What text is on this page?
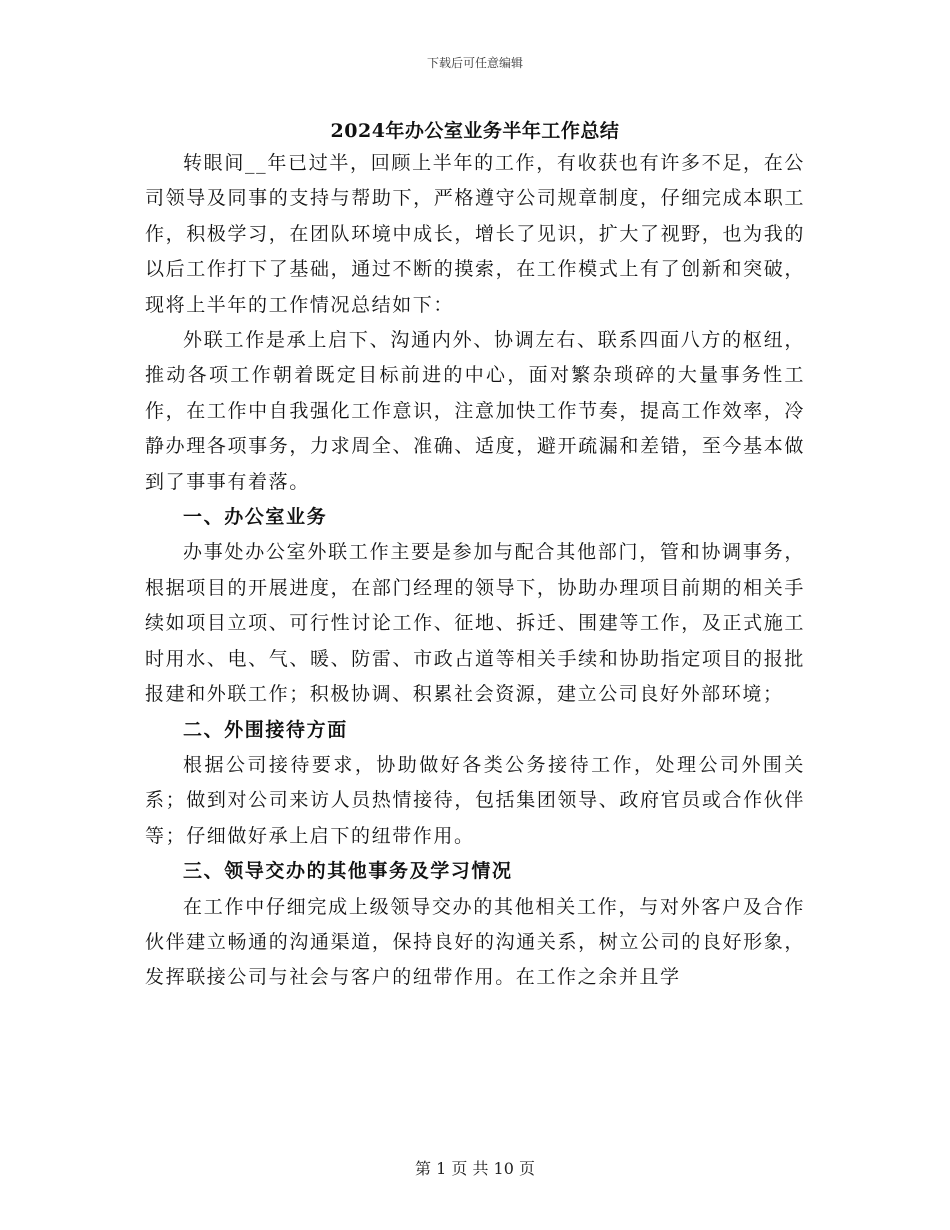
下载后可任意编辑
2024年办公室业务半年工作总结

转眼间__年已过半，回顾上半年的工作，有收获也有许多不足，在公司领导及同事的支持与帮助下，严格遵守公司规章制度，仔细完成本职工作，积极学习，在团队环境中成长，增长了见识，扩大了视野，也为我的以后工作打下了基础，通过不断的摸索，在工作模式上有了创新和突破，现将上半年的工作情况总结如下：

外联工作是承上启下、沟通内外、协调左右、联系四面八方的枢纽，推动各项工作朝着既定目标前进的中心，面对繁杂琐碎的大量事务性工作，在工作中自我强化工作意识，注意加快工作节奏，提高工作效率，冷静办理各项事务，力求周全、准确、适度，避开疏漏和差错，至今基本做到了事事有着落。

一、办公室业务

办事处办公室外联工作主要是参加与配合其他部门，管和协调事务，根据项目的开展进度，在部门经理的领导下，协助办理项目前期的相关手续如项目立项、可行性讨论工作、征地、拆迁、围建等工作，及正式施工时用水、电、气、暖、防雷、市政占道等相关手续和协助指定项目的报批报建和外联工作；积极协调、积累社会资源，建立公司良好外部环境；

二、外围接待方面

根据公司接待要求，协助做好各类公务接待工作，处理公司外围关系；做到对公司来访人员热情接待，包括集团领导、政府官员或合作伙伴等；仔细做好承上启下的纽带作用。

三、领导交办的其他事务及学习情况

在工作中仔细完成上级领导交办的其他相关工作，与对外客户及合作伙伴建立畅通的沟通渠道，保持良好的沟通关系，树立公司的良好形象，发挥联接公司与社会与客户的纽带作用。在工作之余并且学

第 1 页 共 10 页
